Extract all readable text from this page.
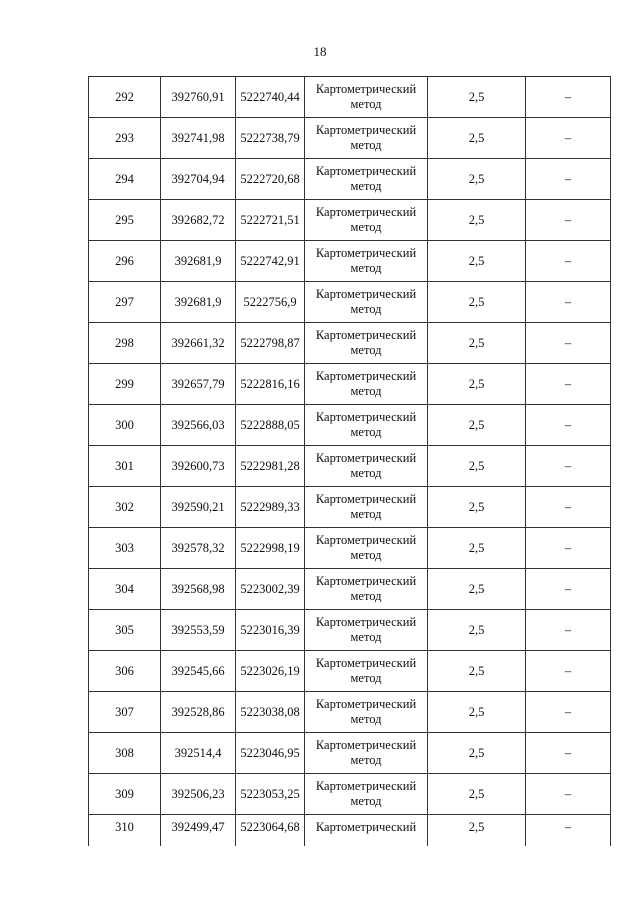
18
292	392760,91	5222740,44	Картометрический метод	2,5	–
293	392741,98	5222738,79	Картометрический метод	2,5	–
294	392704,94	5222720,68	Картометрический метод	2,5	–
295	392682,72	5222721,51	Картометрический метод	2,5	–
296	392681,9	5222742,91	Картометрический метод	2,5	–
297	392681,9	5222756,9	Картометрический метод	2,5	–
298	392661,32	5222798,87	Картометрический метод	2,5	–
299	392657,79	5222816,16	Картометрический метод	2,5	–
300	392566,03	5222888,05	Картометрический метод	2,5	–
301	392600,73	5222981,28	Картометрический метод	2,5	–
302	392590,21	5222989,33	Картометрический метод	2,5	–
303	392578,32	5222998,19	Картометрический метод	2,5	–
304	392568,98	5223002,39	Картометрический метод	2,5	–
305	392553,59	5223016,39	Картометрический метод	2,5	–
306	392545,66	5223026,19	Картометрический метод	2,5	–
307	392528,86	5223038,08	Картометрический метод	2,5	–
308	392514,4	5223046,95	Картометрический метод	2,5	–
309	392506,23	5223053,25	Картометрический метод	2,5	–
310	392499,47	5223064,68	Картометрический	2,5	–
